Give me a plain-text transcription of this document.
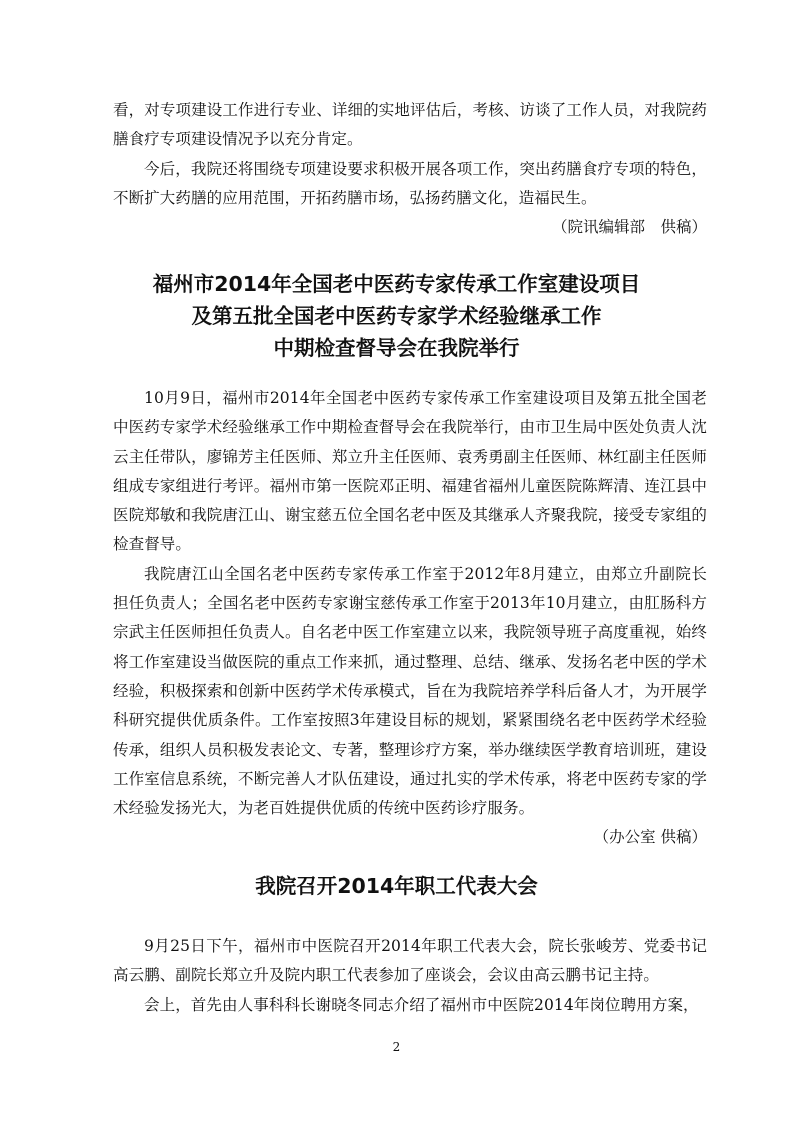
看，对专项建设工作进行专业、详细的实地评估后，考核、访谈了工作人员，对我院药膳食疗专项建设情况予以充分肯定。

今后，我院还将围绕专项建设要求积极开展各项工作，突出药膳食疗专项的特色，不断扩大药膳的应用范围，开拓药膳市场，弘扬药膳文化，造福民生。

（院讯编辑部　供稿）

福州市2014年全国老中医药专家传承工作室建设项目
及第五批全国老中医药专家学术经验继承工作
中期检查督导会在我院举行

10月9日，福州市2014年全国老中医药专家传承工作室建设项目及第五批全国老中医药专家学术经验继承工作中期检查督导会在我院举行，由市卫生局中医处负责人沈云主任带队，廖锦芳主任医师、郑立升主任医师、袁秀勇副主任医师、林红副主任医师组成专家组进行考评。福州市第一医院邓正明、福建省福州儿童医院陈辉清、连江县中医院郑敏和我院唐江山、谢宝慈五位全国名老中医及其继承人齐聚我院，接受专家组的检查督导。

我院唐江山全国名老中医药专家传承工作室于2012年8月建立，由郑立升副院长担任负责人；全国名老中医药专家谢宝慈传承工作室于2013年10月建立，由肛肠科方宗武主任医师担任负责人。自名老中医工作室建立以来，我院领导班子高度重视，始终将工作室建设当做医院的重点工作来抓，通过整理、总结、继承、发扬名老中医的学术经验，积极探索和创新中医药学术传承模式，旨在为我院培养学科后备人才，为开展学科研究提供优质条件。工作室按照3年建设目标的规划，紧紧围绕名老中医药学术经验传承，组织人员积极发表论文、专著，整理诊疗方案，举办继续医学教育培训班，建设工作室信息系统，不断完善人才队伍建设，通过扎实的学术传承，将老中医药专家的学术经验发扬光大，为老百姓提供优质的传统中医药诊疗服务。

（办公室 供稿）

我院召开2014年职工代表大会

9月25日下午，福州市中医院召开2014年职工代表大会，院长张峻芳、党委书记高云鹏、副院长郑立升及院内职工代表参加了座谈会，会议由高云鹏书记主持。

会上，首先由人事科科长谢晓冬同志介绍了福州市中医院2014年岗位聘用方案，

2
